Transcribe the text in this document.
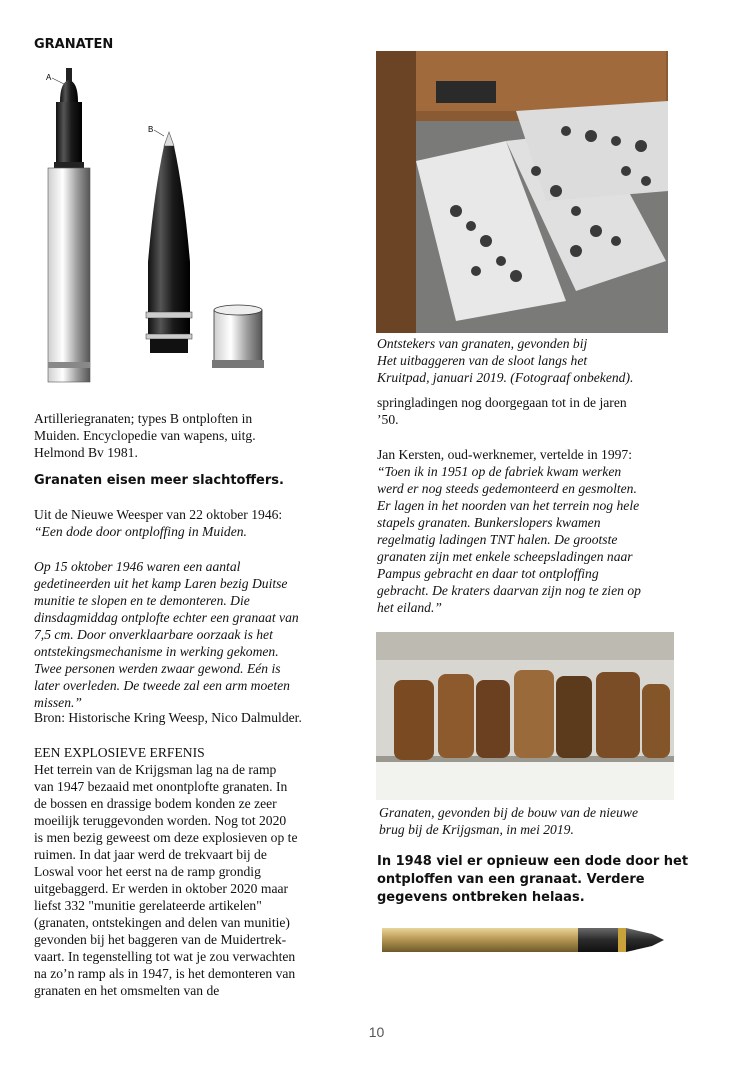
GRANATEN
A
B
Artilleriegranaten; types B ontploften in
Muiden. Encyclopedie van wapens, uitg.
Helmond Bv 1981.
Granaten eisen meer slachtoffers.
Uit de Nieuwe Weesper van 22 oktober 1946:
“Een dode door ontploffing in Muiden.
Op 15 oktober 1946 waren een aantal
gedetineerden uit het kamp Laren bezig Duitse
munitie te slopen en te demonteren. Die
dinsdagmiddag ontplofte echter een granaat van
7,5 cm. Door onverklaarbare oorzaak is het
ontstekingsmechanisme in werking gekomen.
Twee personen werden zwaar gewond. Eén is
later overleden. De tweede zal een arm moeten
missen.”
Bron: Historische Kring Weesp, Nico Dalmulder.
EEN EXPLOSIEVE ERFENIS
Het terrein van de Krijgsman lag na de ramp
van 1947 bezaaid met onontplofte granaten. In
de bossen en drassige bodem konden ze zeer
moeilijk teruggevonden worden. Nog tot 2020
is men bezig geweest om deze explosieven op te
ruimen. In dat jaar werd de trekvaart bij de
Loswal voor het eerst na de ramp grondig
uitgebaggerd. Er werden in oktober 2020 maar
liefst 332 "munitie gerelateerde artikelen"
(granaten, ontstekingen and delen van munitie)
gevonden bij het baggeren van de Muidertrek-
vaart. In tegenstelling tot wat je zou verwachten
na zo’n ramp als in 1947, is het demonteren van
granaten en het omsmelten van de
Ontstekers van granaten, gevonden bij
Het uitbaggeren van de sloot langs het
Kruitpad, januari 2019. (Fotograaf onbekend).
springladingen nog doorgegaan tot in de jaren
’50.
Jan Kersten, oud-werknemer, vertelde in 1997:
“Toen ik in 1951 op de fabriek kwam werken
werd er nog steeds gedemonteerd en gesmolten.
Er lagen in het noorden van het terrein nog hele
stapels granaten. Bunkerslopers kwamen
regelmatig ladingen TNT halen. De grootste
granaten zijn met enkele scheepsladingen naar
Pampus gebracht en daar tot ontploffing
gebracht. De kraters daarvan zijn nog te zien op
het eiland.”
Granaten, gevonden bij de bouw van de nieuwe
brug bij de Krijgsman, in mei 2019.
In 1948 viel er opnieuw een dode door het
ontploffen van een granaat. Verdere
gegevens ontbreken helaas.
10
